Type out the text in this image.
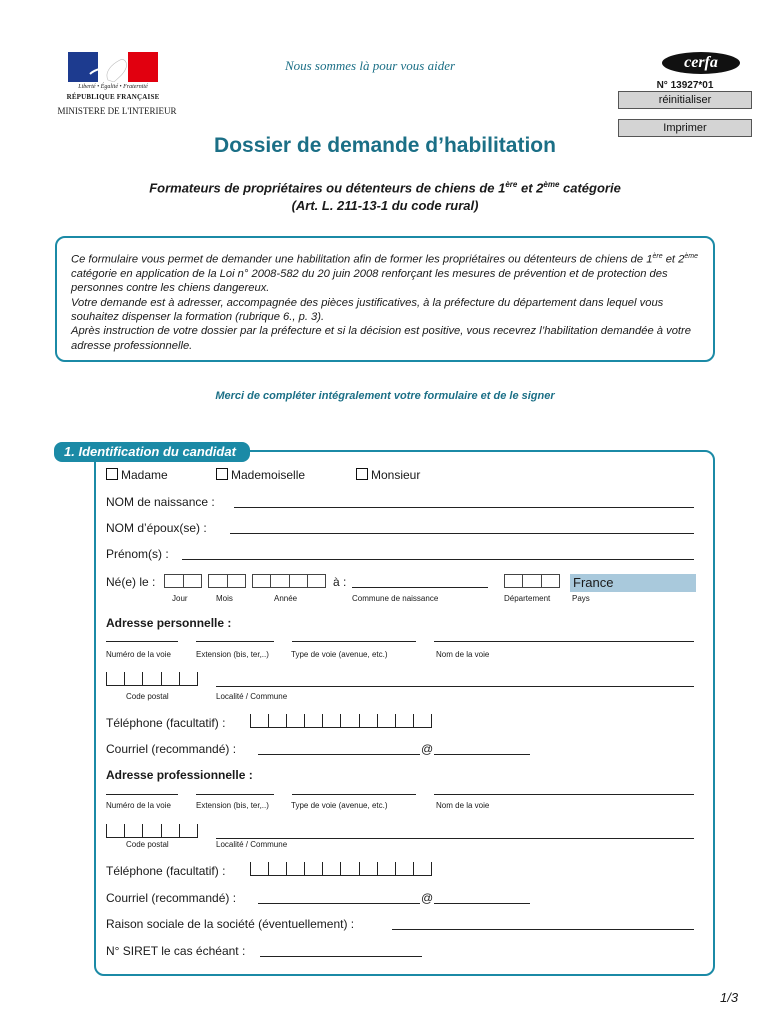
Liberté • Égalité • Fraternité
RÉPUBLIQUE FRANÇAISE
MINISTERE DE L'INTERIEUR
Nous sommes là pour vous aider	cerfa
N° 13927*01
réinitialiser
Imprimer
Dossier de demande d’habilitation
Formateurs de propriétaires ou détenteurs de chiens de 1ère et 2ème catégorie
(Art. L. 211-13-1 du code rural)
Ce formulaire vous permet de demander une habilitation afin de former les propriétaires ou détenteurs de chiens de 1ère et 2ème catégorie en application de la Loi n° 2008-582 du 20 juin 2008 renforçant les mesures de prévention et de protection des personnes contre les chiens dangereux.
Votre demande est à adresser, accompagnée des pièces justificatives, à la préfecture du département dans lequel vous souhaitez dispenser la formation (rubrique 6., p. 3).
Après instruction de votre dossier par la préfecture et si la décision est positive, vous recevrez l’habilitation demandée à votre adresse professionnelle.
Merci de compléter intégralement votre formulaire et de le signer
1. Identification du candidat
Madame	Mademoiselle	Monsieur
NOM de naissance :
NOM d’époux(se) :
Prénom(s) :
Né(e) le :	à :	France
Jour	Mois	Année	Commune de naissance	Département	Pays
Adresse personnelle :
Numéro de la voie	Extension (bis, ter,..)	Type de voie (avenue, etc.)	Nom de la voie
Code postal	Localité / Commune
Téléphone (facultatif) :
Courriel (recommandé) :	@
Adresse professionnelle :
Numéro de la voie	Extension (bis, ter,..)	Type de voie (avenue, etc.)	Nom de la voie
Code postal	Localité / Commune
Téléphone (facultatif) :
Courriel (recommandé) :	@
Raison sociale de la société (éventuellement) :
N° SIRET le cas échéant :
1/3
